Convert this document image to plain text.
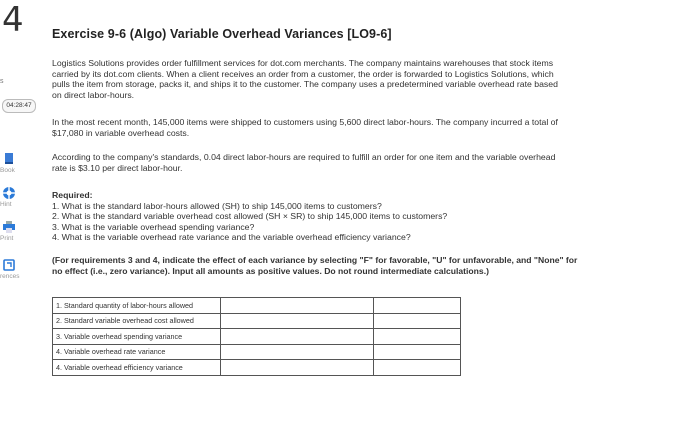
4
s
04:28:47
Book
Hint
Print
rences
Exercise 9-6 (Algo) Variable Overhead Variances [LO9-6]
Logistics Solutions provides order fulfillment services for dot.com merchants. The company maintains warehouses that stock items
carried by its dot.com clients. When a client receives an order from a customer, the order is forwarded to Logistics Solutions, which
pulls the item from storage, packs it, and ships it to the customer. The company uses a predetermined variable overhead rate based
on direct labor-hours.
In the most recent month, 145,000 items were shipped to customers using 5,600 direct labor-hours. The company incurred a total of
$17,080 in variable overhead costs.
According to the company's standards, 0.04 direct labor-hours are required to fulfill an order for one item and the variable overhead
rate is $3.10 per direct labor-hour.
Required:
1. What is the standard labor-hours allowed (SH) to ship 145,000 items to customers?
2. What is the standard variable overhead cost allowed (SH × SR) to ship 145,000 items to customers?
3. What is the variable overhead spending variance?
4. What is the variable overhead rate variance and the variable overhead efficiency variance?
(For requirements 3 and 4, indicate the effect of each variance by selecting "F" for favorable, "U" for unfavorable, and "None" for
no effect (i.e., zero variance). Input all amounts as positive values. Do not round intermediate calculations.)
1. Standard quantity of labor-hours allowed		
2. Standard variable overhead cost allowed		
3. Variable overhead spending variance		
4. Variable overhead rate variance		
4. Variable overhead efficiency variance		
